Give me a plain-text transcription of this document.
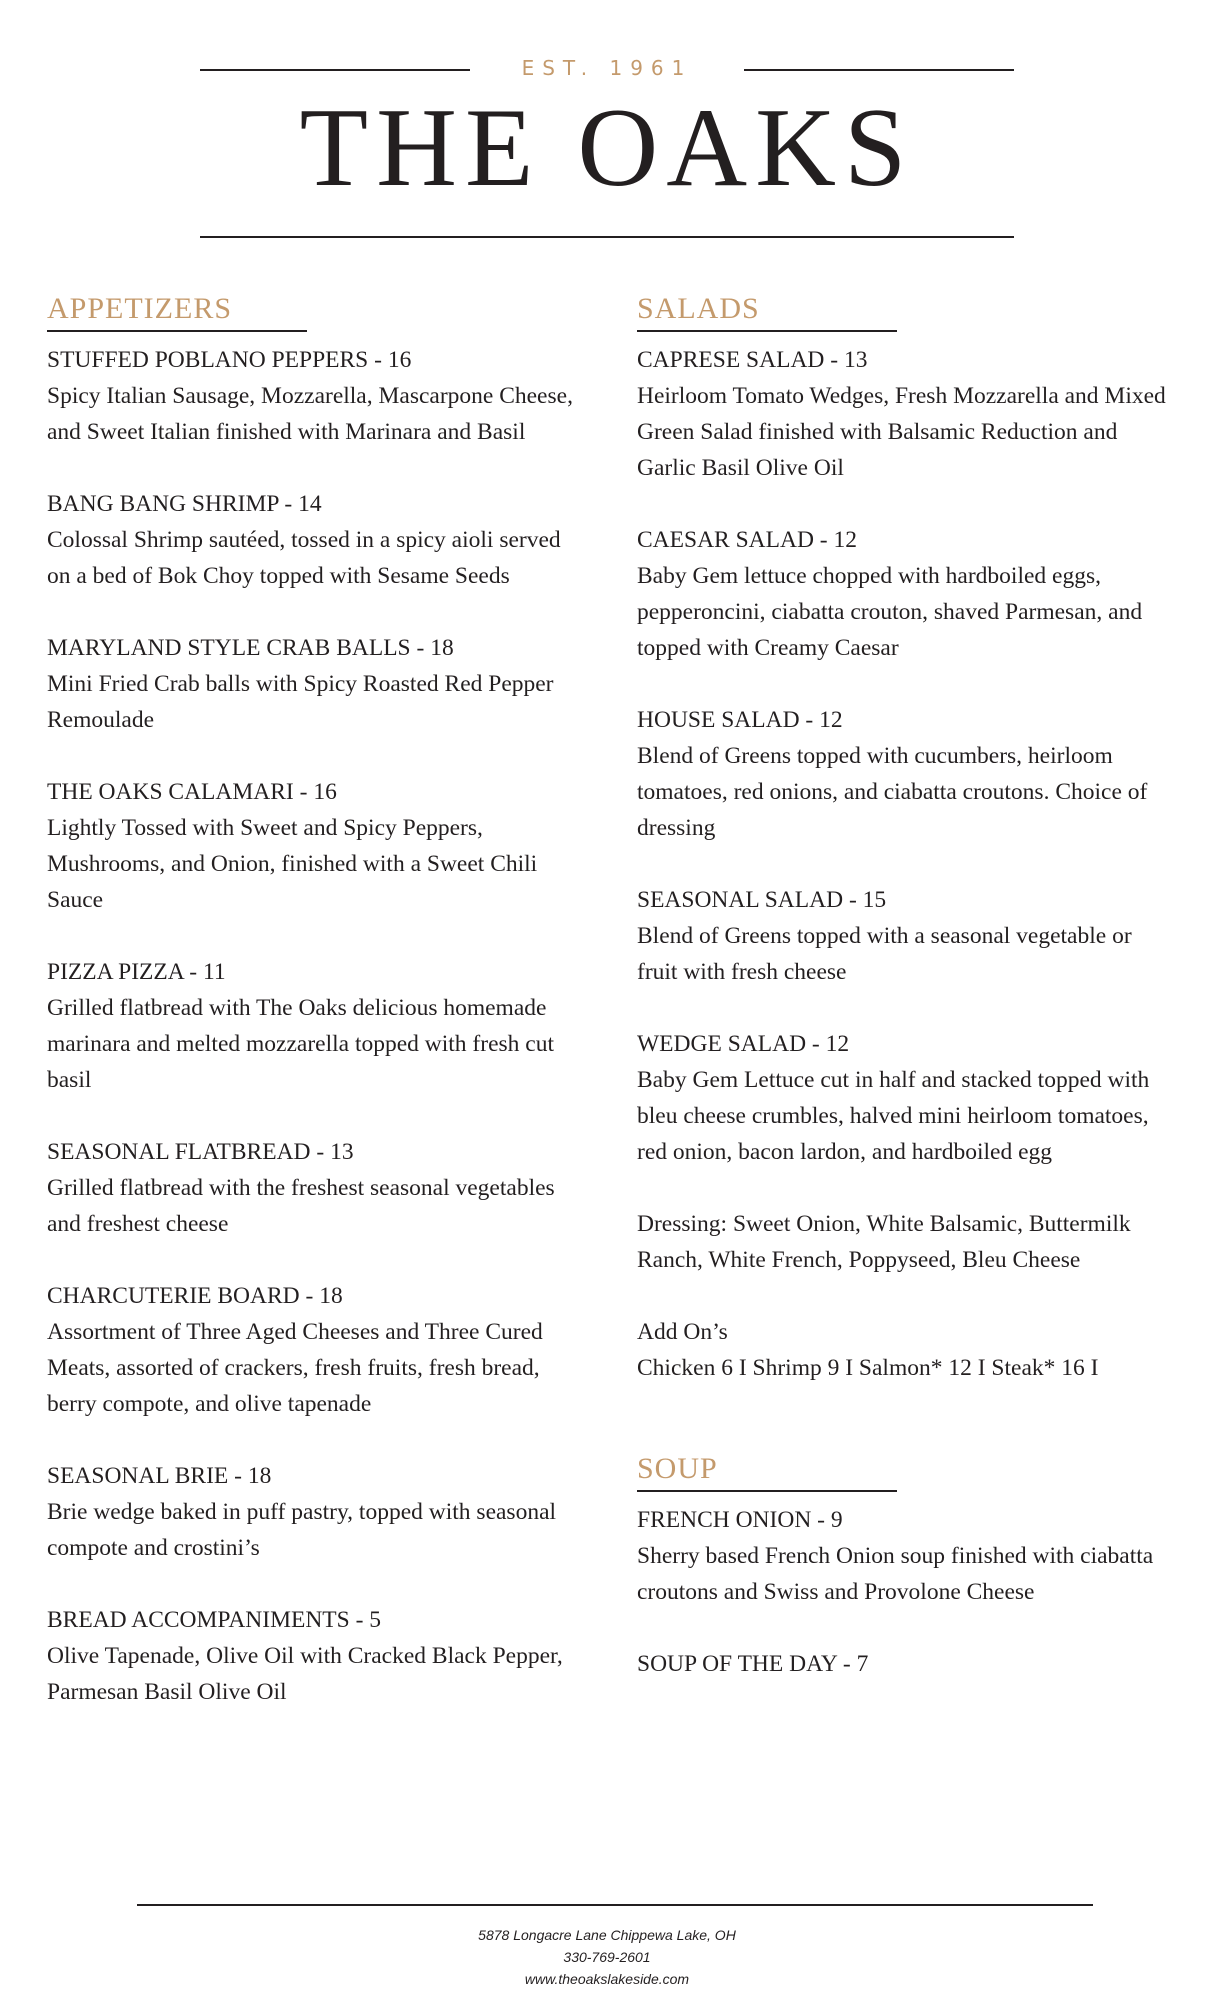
EST. 1961
THE OAKS
APPETIZERS
STUFFED POBLANO PEPPERS - 16
Spicy Italian Sausage, Mozzarella, Mascarpone Cheese, and Sweet Italian finished with Marinara and Basil
BANG BANG SHRIMP - 14
Colossal Shrimp sautéed, tossed in a spicy aioli served on a bed of Bok Choy topped with Sesame Seeds
MARYLAND STYLE CRAB BALLS - 18
Mini Fried Crab balls with Spicy Roasted Red Pepper Remoulade
THE OAKS CALAMARI - 16
Lightly Tossed with Sweet and Spicy Peppers, Mushrooms, and Onion, finished with a Sweet Chili Sauce
PIZZA PIZZA - 11
Grilled flatbread with The Oaks delicious homemade marinara and melted mozzarella topped with fresh cut basil
SEASONAL FLATBREAD - 13
Grilled flatbread with the freshest seasonal vegetables and freshest cheese
CHARCUTERIE BOARD - 18
Assortment of Three Aged Cheeses and Three Cured Meats, assorted of crackers, fresh fruits, fresh bread, berry compote, and olive tapenade
SEASONAL BRIE - 18
Brie wedge baked in puff pastry, topped with seasonal compote and crostini’s
BREAD ACCOMPANIMENTS - 5
Olive Tapenade, Olive Oil with Cracked Black Pepper, Parmesan Basil Olive Oil
SALADS
CAPRESE SALAD - 13
Heirloom Tomato Wedges, Fresh Mozzarella and Mixed Green Salad finished with Balsamic Reduction and Garlic Basil Olive Oil
CAESAR SALAD - 12
Baby Gem lettuce chopped with hardboiled eggs, pepperoncini, ciabatta crouton, shaved Parmesan, and topped with Creamy Caesar
HOUSE SALAD - 12
Blend of Greens topped with cucumbers, heirloom tomatoes, red onions, and ciabatta croutons. Choice of dressing
SEASONAL SALAD - 15
Blend of Greens topped with a seasonal vegetable or fruit with fresh cheese
WEDGE SALAD - 12
Baby Gem Lettuce cut in half and stacked topped with bleu cheese crumbles, halved mini heirloom tomatoes, red onion, bacon lardon, and hardboiled egg
Dressing: Sweet Onion, White Balsamic, Buttermilk Ranch, White French, Poppyseed, Bleu Cheese
Add On’s
Chicken 6 I Shrimp 9 I Salmon* 12 I Steak* 16 I
SOUP
FRENCH ONION - 9
Sherry based French Onion soup finished with ciabatta croutons and Swiss and Provolone Cheese
SOUP OF THE DAY - 7
5878 Longacre Lane Chippewa Lake, OH
330-769-2601
www.theoakslakeside.com
